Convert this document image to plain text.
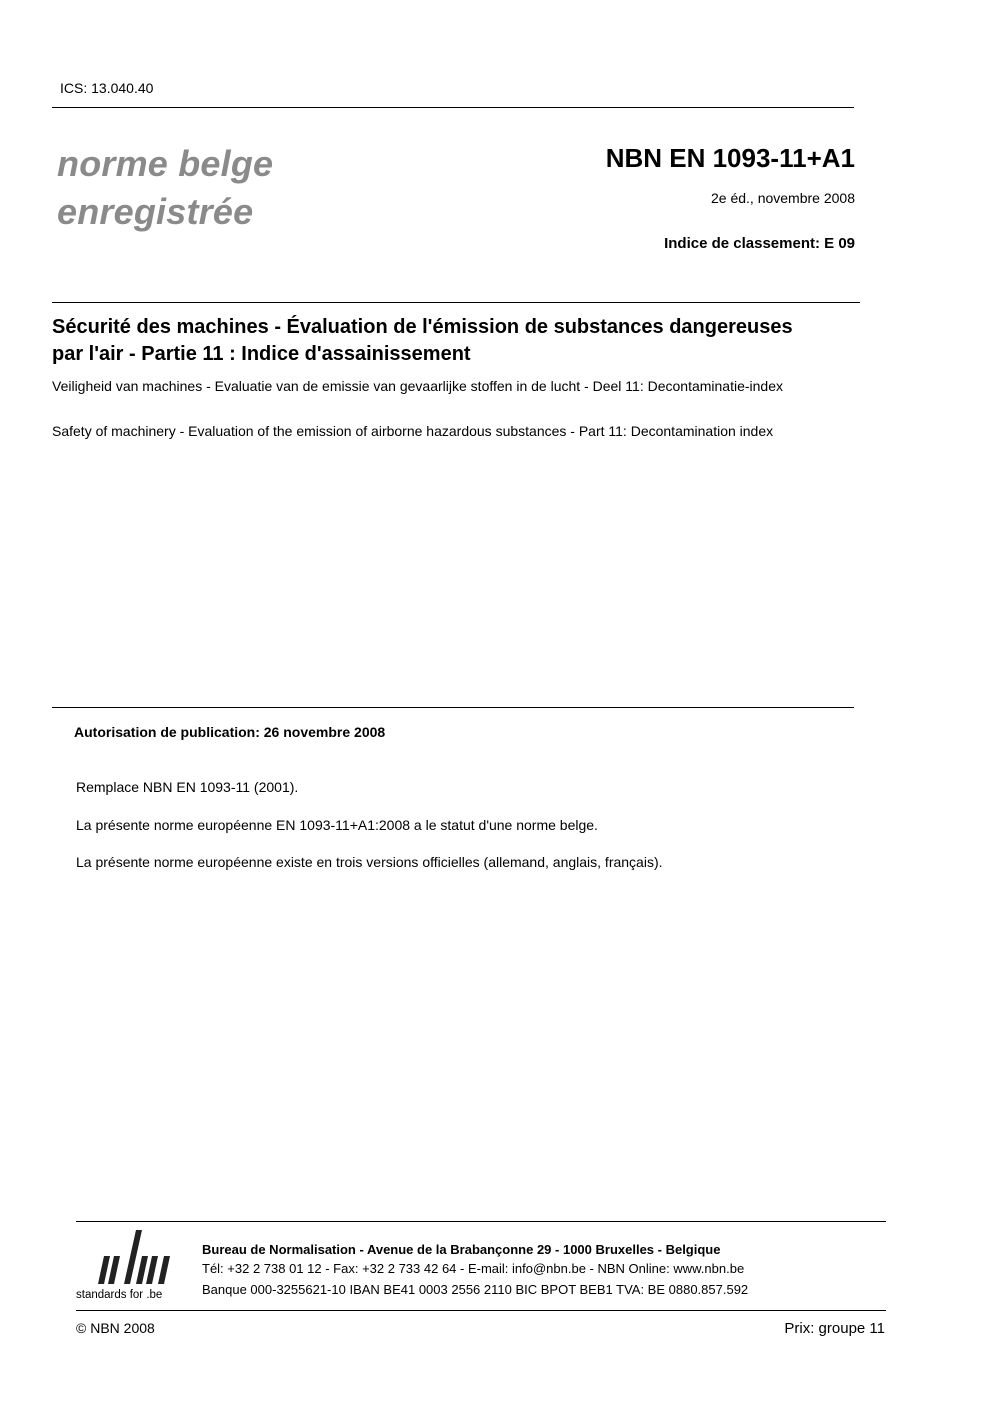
ICS: 13.040.40
norme belge
enregistrée
NBN EN 1093-11+A1
2e éd., novembre 2008
Indice de classement: E 09
Sécurité des machines - Évaluation de l'émission de substances dangereuses par l'air - Partie 11 : Indice d'assainissement
Veiligheid van machines - Evaluatie van de emissie van gevaarlijke stoffen in de lucht - Deel 11: Decontaminatie-index
Safety of machinery - Evaluation of the emission of airborne hazardous substances - Part 11: Decontamination index
Autorisation de publication: 26 novembre 2008
Remplace NBN EN 1093-11 (2001).
La présente norme européenne EN 1093-11+A1:2008 a le statut d'une norme belge.
La présente norme européenne existe en trois versions officielles (allemand, anglais, français).
standards for .be
Bureau de Normalisation - Avenue de la Brabançonne 29 - 1000 Bruxelles - Belgique
Tél: +32 2 738 01 12 - Fax: +32 2 733 42 64 - E-mail: info@nbn.be - NBN Online: www.nbn.be
Banque 000-3255621-10 IBAN BE41 0003 2556 2110 BIC BPOT BEB1 TVA: BE 0880.857.592
© NBN 2008	Prix: groupe 11
